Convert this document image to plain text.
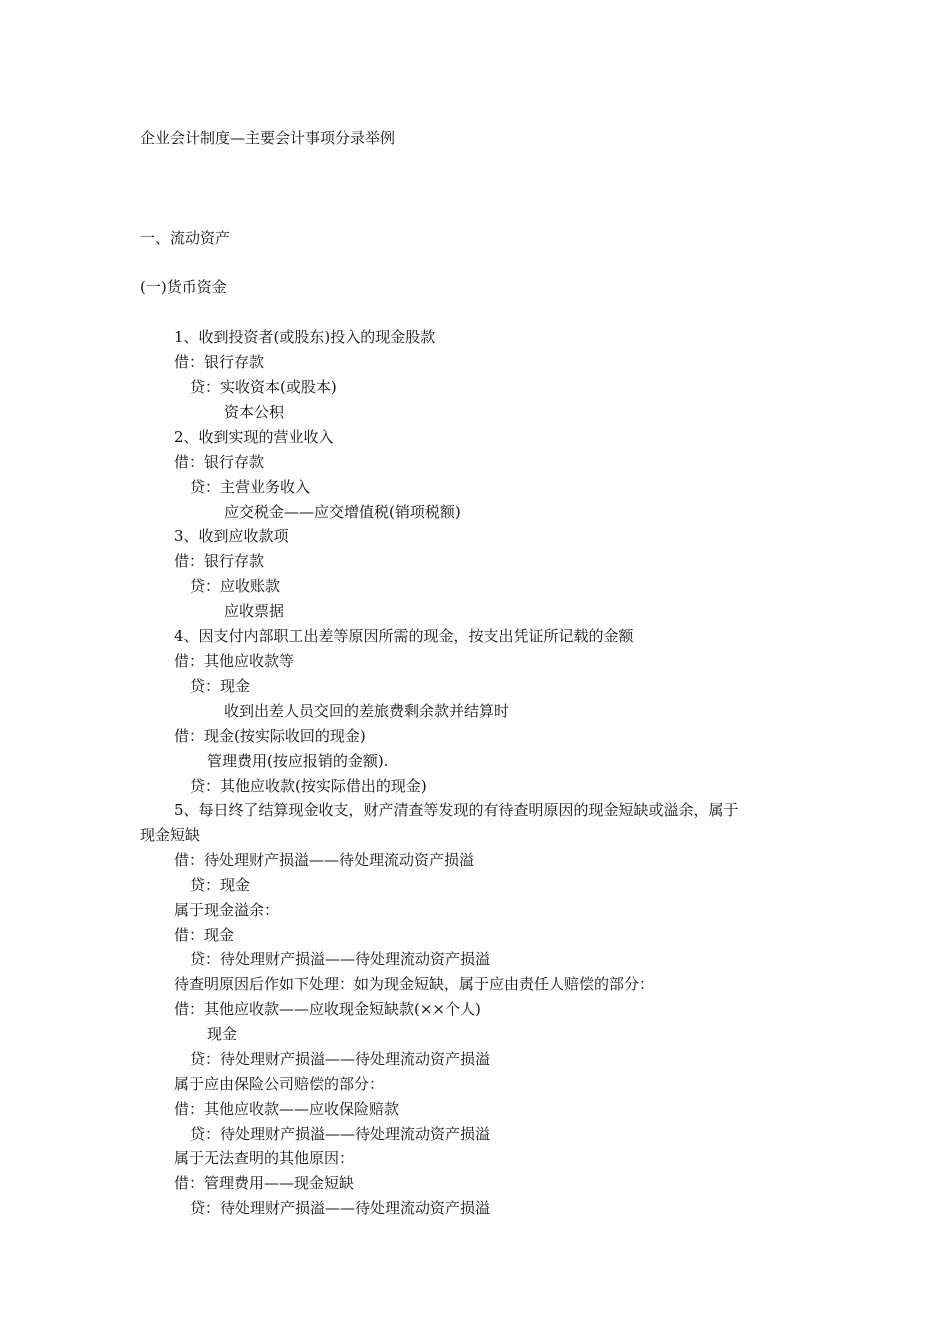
企业会计制度—主要会计事项分录举例
一、流动资产
(一)货币资金
1、收到投资者(或股东)投入的现金股款
借：银行存款
贷：实收资本(或股本)
资本公积
2、收到实现的营业收入
借：银行存款
贷：主营业务收入
应交税金——应交增值税(销项税额)
3、收到应收款项
借：银行存款
贷：应收账款
应收票据
4、因支付内部职工出差等原因所需的现金，按支出凭证所记载的金额
借：其他应收款等
贷：现金
收到出差人员交回的差旅费剩余款并结算时
借：现金(按实际收回的现金)
管理费用(按应报销的金额).
贷：其他应收款(按实际借出的现金)
5、每日终了结算现金收支，财产清查等发现的有待查明原因的现金短缺或溢余，属于
现金短缺
借：待处理财产损溢——待处理流动资产损溢
贷：现金
属于现金溢余：
借：现金
贷：待处理财产损溢——待处理流动资产损溢
待查明原因后作如下处理：如为现金短缺，属于应由责任人赔偿的部分：
借：其他应收款——应收现金短缺款(××个人)
现金
贷：待处理财产损溢——待处理流动资产损溢
属于应由保险公司赔偿的部分：
借：其他应收款——应收保险赔款
贷：待处理财产损溢——待处理流动资产损溢
属于无法查明的其他原因：
借：管理费用——现金短缺
贷：待处理财产损溢——待处理流动资产损溢
